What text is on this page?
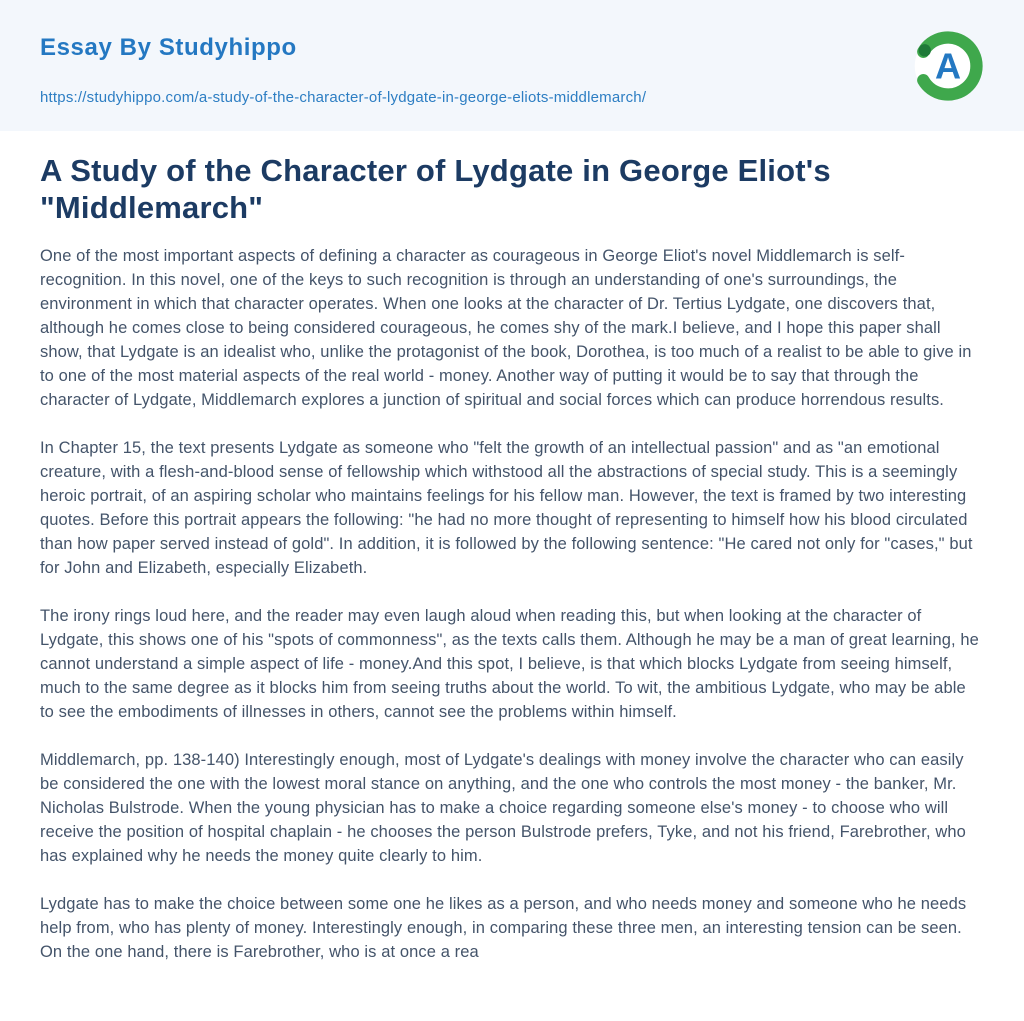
Essay By Studyhippo
https://studyhippo.com/a-study-of-the-character-of-lydgate-in-george-eliots-middlemarch/
A
A Study of the Character of Lydgate in George Eliot's "Middlemarch"

One of the most important aspects of defining a character as courageous in George Eliot's novel Middlemarch is self-recognition. In this novel, one of the keys to such recognition is through an understanding of one's surroundings, the environment in which that character operates. When one looks at the character of Dr. Tertius Lydgate, one discovers that, although he comes close to being considered courageous, he comes shy of the mark.I believe, and I hope this paper shall show, that Lydgate is an idealist who, unlike the protagonist of the book, Dorothea, is too much of a realist to be able to give in to one of the most material aspects of the real world - money. Another way of putting it would be to say that through the character of Lydgate, Middlemarch explores a junction of spiritual and social forces which can produce horrendous results.

In Chapter 15, the text presents Lydgate as someone who "felt the growth of an intellectual passion" and as "an emotional creature, with a flesh-and-blood sense of fellowship which withstood all the abstractions of special study. This is a seemingly heroic portrait, of an aspiring scholar who maintains feelings for his fellow man. However, the text is framed by two interesting quotes. Before this portrait appears the following: "he had no more thought of representing to himself how his blood circulated than how paper served instead of gold". In addition, it is followed by the following sentence: "He cared not only for "cases," but for John and Elizabeth, especially Elizabeth.

The irony rings loud here, and the reader may even laugh aloud when reading this, but when looking at the character of Lydgate, this shows one of his "spots of commonness", as the texts calls them. Although he may be a man of great learning, he cannot understand a simple aspect of life - money.And this spot, I believe, is that which blocks Lydgate from seeing himself, much to the same degree as it blocks him from seeing truths about the world. To wit, the ambitious Lydgate, who may be able to see the embodiments of illnesses in others, cannot see the problems within himself.

Middlemarch, pp. 138-140) Interestingly enough, most of Lydgate's dealings with money involve the character who can easily be considered the one with the lowest moral stance on anything, and the one who controls the most money - the banker, Mr. Nicholas Bulstrode. When the young physician has to make a choice regarding someone else's money - to choose who will receive the position of hospital chaplain - he chooses the person Bulstrode prefers, Tyke, and not his friend, Farebrother, who has explained why he needs the money quite clearly to him.

Lydgate has to make the choice between some one he likes as a person, and who needs money and someone who he needs help from, who has plenty of money. Interestingly enough, in comparing these three men, an interesting tension can be seen. On the one hand, there is Farebrother, who is at once a rea
